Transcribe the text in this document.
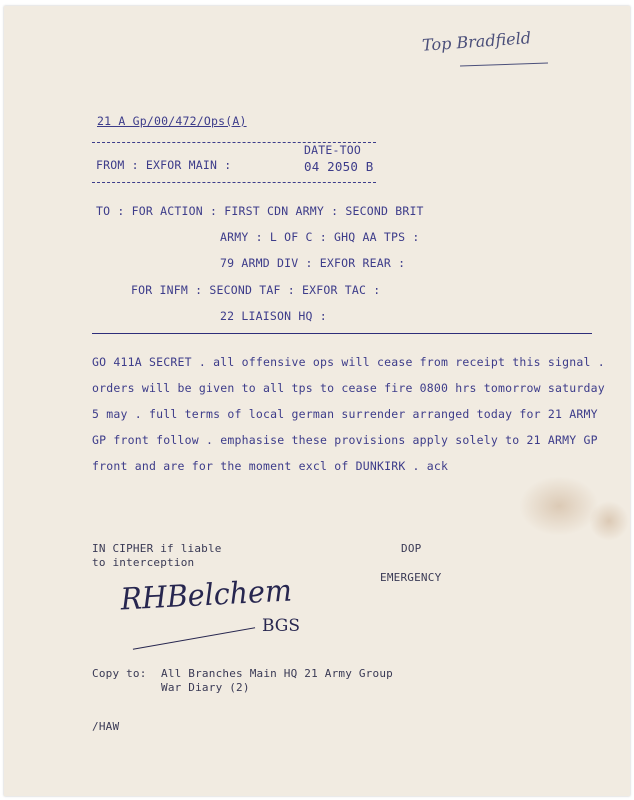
Top Bradfield
21 A Gp/00/472/Ops(A)
DATE-TOO
FROM : EXFOR MAIN :	04 2050 B
TO : FOR ACTION : FIRST CDN ARMY : SECOND BRIT
ARMY : L OF C : GHQ AA TPS :
79 ARMD DIV : EXFOR REAR :
FOR INFM : SECOND TAF : EXFOR TAC :
22 LIAISON HQ :
GO 411A SECRET . all offensive ops will cease from receipt this signal .
orders will be given to all tps to cease fire 0800 hrs tomorrow saturday
5 may . full terms of local german surrender arranged today for 21 ARMY
GP front follow . emphasise these provisions apply solely to 21 ARMY GP
front and are for the moment excl of DUNKIRK . ack
IN CIPHER if liable
to interception
DOP
EMERGENCY
RHBelchem
BGS
Copy to: All Branches Main HQ 21 Army Group
War Diary (2)
/HAW
